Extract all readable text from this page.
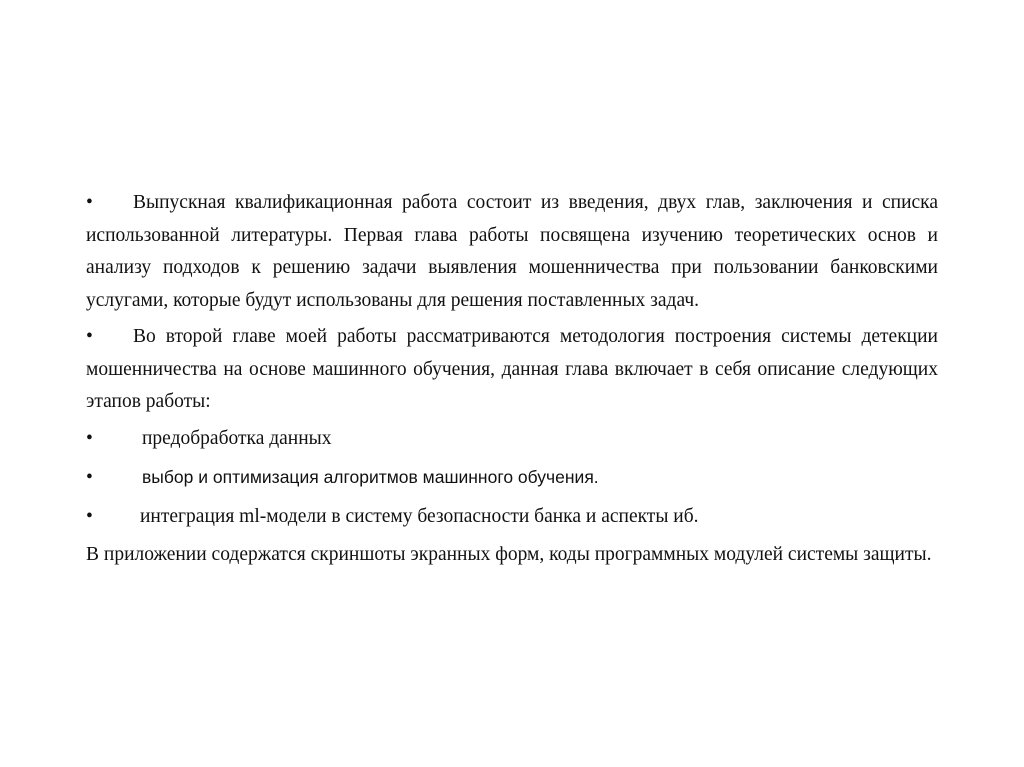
• Выпускная квалификационная работа состоит из введения, двух глав, заключения и списка использованной литературы. Первая глава работы посвящена изучению теоретических основ и анализу подходов к решению задачи выявления мошенничества при пользовании банковскими услугами, которые будут использованы для решения поставленных задач.

• Во второй главе моей работы рассматриваются методология построения системы детекции мошенничества на основе машинного обучения, данная глава включает в себя описание следующих этапов работы:

•	предобработка данных
•	выбор и оптимизация алгоритмов машинного обучения.
•	интеграция ml-модели в систему безопасности банка и аспекты иб.

В приложении содержатся скриншоты экранных форм, коды программных модулей системы защиты.
